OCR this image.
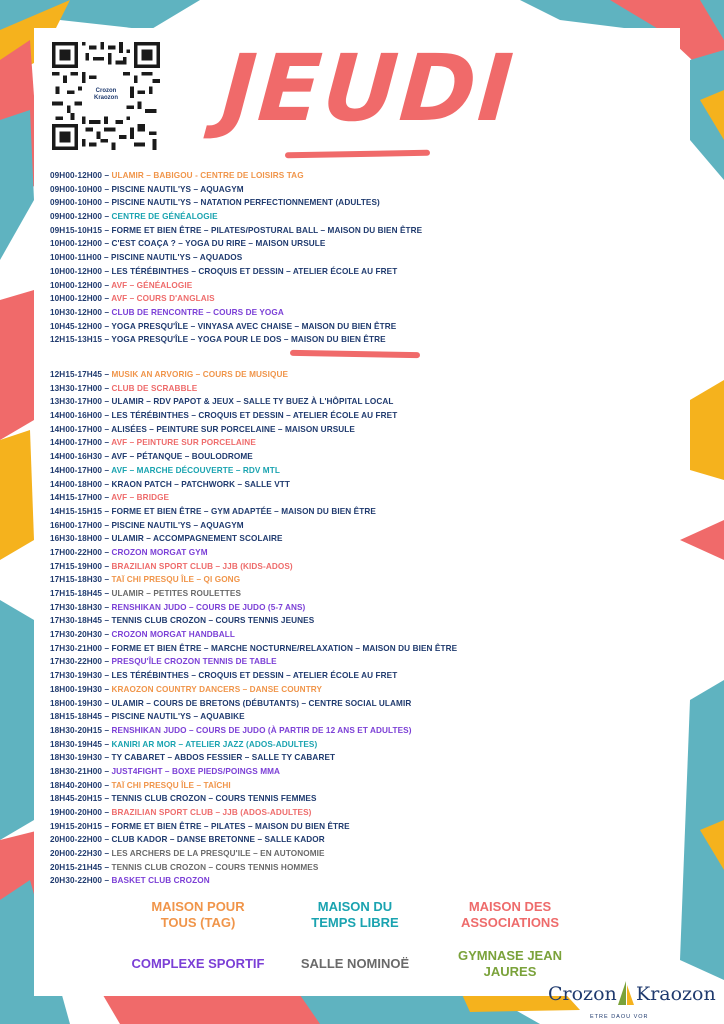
Crozon Kraozon JEUDI
09H00-12H00 – ULAMIR – BABIGOU - CENTRE DE LOISIRS TAG
09H00-10H00 – PISCINE NAUTIL'YS – AQUAGYM
09H00-10H00 – PISCINE NAUTIL'YS – NATATION PERFECTIONNEMENT (ADULTES)
09H00-12H00 – CENTRE DE GÉNÉALOGIE
09H15-10H15 – FORME ET BIEN ÊTRE – PILATES/POSTURAL BALL – MAISON DU BIEN ÊTRE
10H00-12H00 – C'EST COAÇA ? – YOGA DU RIRE – MAISON URSULE
10H00-11H00 – PISCINE NAUTIL'YS – AQUADOS
10H00-12H00 – LES TÉRÉBINTHES – CROQUIS ET DESSIN – ATELIER ÉCOLE AU FRET
10H00-12H00 – AVF – GÉNÉALOGIE
10H00-12H00 – AVF – COURS D'ANGLAIS
10H30-12H00 – CLUB DE RENCONTRE – COURS DE YOGA
10H45-12H00 – YOGA PRESQU'ÎLE – VINYASA AVEC CHAISE – MAISON DU BIEN ÊTRE
12H15-13H15 – YOGA PRESQU'ÎLE – YOGA POUR LE DOS – MAISON DU BIEN ÊTRE
12H15-17H45 – MUSIK AN ARVORIG – COURS DE MUSIQUE
13H30-17H00 – CLUB DE SCRABBLE
13H30-17H00 – ULAMIR – RDV PAPOT & JEUX – SALLE TY BUEZ À L'HÔPITAL LOCAL
14H00-16H00 – LES TÉRÉBINTHES – CROQUIS ET DESSIN – ATELIER ÉCOLE AU FRET
14H00-17H00 – ALISÉES – PEINTURE SUR PORCELAINE – MAISON URSULE
14H00-17H00 – AVF – PEINTURE SUR PORCELAINE
14H00-16H30 – AVF – PÉTANQUE – BOULODROME
14H00-17H00 – AVF – MARCHE DÉCOUVERTE – RDV MTL
14H00-18H00 – KRAON PATCH – PATCHWORK – SALLE VTT
14H15-17H00 – AVF – BRIDGE
14H15-15H15 – FORME ET BIEN ÊTRE – GYM ADAPTÉE – MAISON DU BIEN ÊTRE
16H00-17H00 – PISCINE NAUTIL'YS – AQUAGYM
16H30-18H00 – ULAMIR – ACCOMPAGNEMENT SCOLAIRE
17H00-22H00 – CROZON MORGAT GYM
17H15-19H00 – BRAZILIAN SPORT CLUB – JJB (KIDS-ADOS)
17H15-18H30 – TAÏ CHI PRESQU ÎLE – QI GONG
17H15-18H45 – ULAMIR – PETITES ROULETTES
17H30-18H30 – RENSHIKAN JUDO – COURS DE JUDO (5-7 ANS)
17H30-18H45 – TENNIS CLUB CROZON – COURS TENNIS JEUNES
17H30-20H30 – CROZON MORGAT HANDBALL
17H30-21H00 – FORME ET BIEN ÊTRE – MARCHE NOCTURNE/RELAXATION – MAISON DU BIEN ÊTRE
17H30-22H00 – PRESQU'ÎLE CROZON TENNIS DE TABLE
17H30-19H30 – LES TÉRÉBINTHES – CROQUIS ET DESSIN – ATELIER ÉCOLE AU FRET
18H00-19H30 – KRAOZON COUNTRY DANCERS – DANSE COUNTRY
18H00-19H30 – ULAMIR – COURS DE BRETONS (DÉBUTANTS) – CENTRE SOCIAL ULAMIR
18H15-18H45 – PISCINE NAUTIL'YS – AQUABIKE
18H30-20H15 – RENSHIKAN JUDO – COURS DE JUDO (À PARTIR DE 12 ANS ET ADULTES)
18H30-19H45 – KANIRI AR MOR – ATELIER JAZZ (ADOS-ADULTES)
18H30-19H30 – TY CABARET – ABDOS FESSIER – SALLE TY CABARET
18H30-21H00 – JUST4FIGHT – BOXE PIEDS/POINGS MMA
18H40-20H00 – TAÏ CHI PRESQU ÎLE – TAÏCHI
18H45-20H15 – TENNIS CLUB CROZON – COURS TENNIS FEMMES
19H00-20H00 – BRAZILIAN SPORT CLUB – JJB (ADOS-ADULTES)
19H15-20H15 – FORME ET BIEN ÊTRE – PILATES – MAISON DU BIEN ÊTRE
20H00-22H00 – CLUB KADOR – DANSE BRETONNE – SALLE KADOR
20H00-22H30 – LES ARCHERS DE LA PRESQU'ILE – EN AUTONOMIE
20H15-21H45 – TENNIS CLUB CROZON – COURS TENNIS HOMMES
20H30-22H00 – BASKET CLUB CROZON
MAISON POUR
TOUS (TAG)
MAISON DU
TEMPS LIBRE
MAISON DES
ASSOCIATIONS
COMPLEXE SPORTIF	SALLE NOMINOË
GYMNASE JEAN
JAURES
Crozon Kraozon
ETRE DAOU VOR
